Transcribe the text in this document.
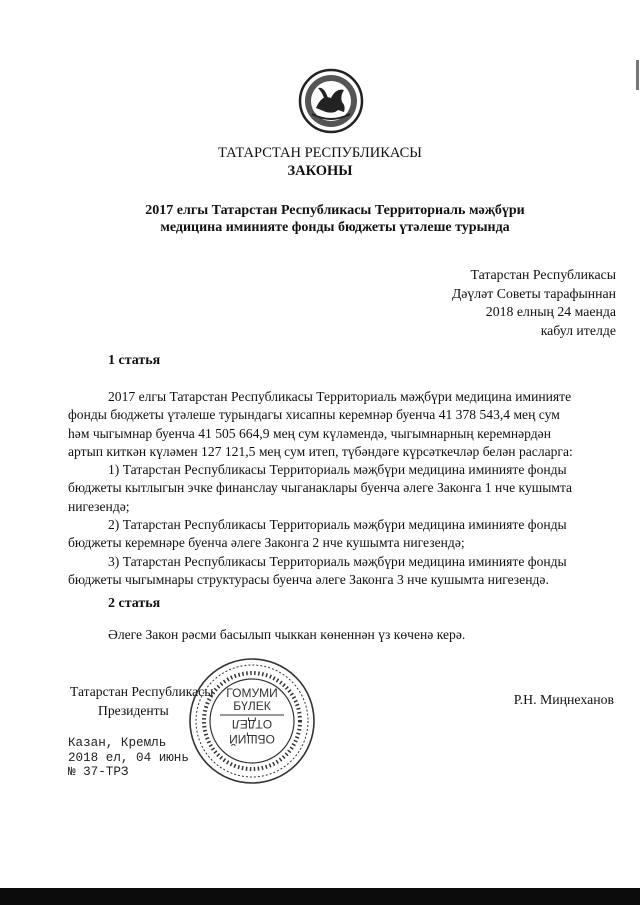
ТАТАРСТАН РЕСПУБЛИКАСЫ
ЗАКОНЫ
2017 елгы Татарстан Республикасы Территориаль мәҗбүри
медицина иминияте фонды бюджеты үтәлеше турында
Татарстан Республикасы
Дәүләт Советы тарафыннан
2018 елның 24 маенда
кабул ителде
1 статья
2017 елгы Татарстан Республикасы Территориаль мәҗбүри медицина иминияте
фонды бюджеты үтәлеше турындагы хисапны керемнәр буенча 41 378 543,4 мең сум
һәм чыгымнар буенча 41 505 664,9 мең сум күләмендә, чыгымнарның керемнәрдән
артып киткән күләмен 127 121,5 мең сум итеп, түбәндәге күрсәткечләр белән расларга:
1) Татарстан Республикасы Территориаль мәҗбүри медицина иминияте фонды
бюджеты кытлыгын эчке финанслау чыганаклары буенча әлеге Законга 1 нче кушымта
нигезендә;
2) Татарстан Республикасы Территориаль мәҗбүри медицина иминияте фонды
бюджеты керемнәре буенча әлеге Законга 2 нче кушымта нигезендә;
3) Татарстан Республикасы Территориаль мәҗбүри медицина иминияте фонды
бюджеты чыгымнары структурасы буенча әлеге Законга 3 нче кушымта нигезендә.
2 статья
Әлеге Закон рәсми басылып чыккан көненнән үз көченә керә.
Татарстан Республикасы
Президенты
ГОМУМИ
БҮЛЕК
ОТДЕЛ
ОБЩИЙ
Р.Н. Миңнеханов
Казан, Кремль
2018 ел, 04 июнь
№ 37-ТРЗ
